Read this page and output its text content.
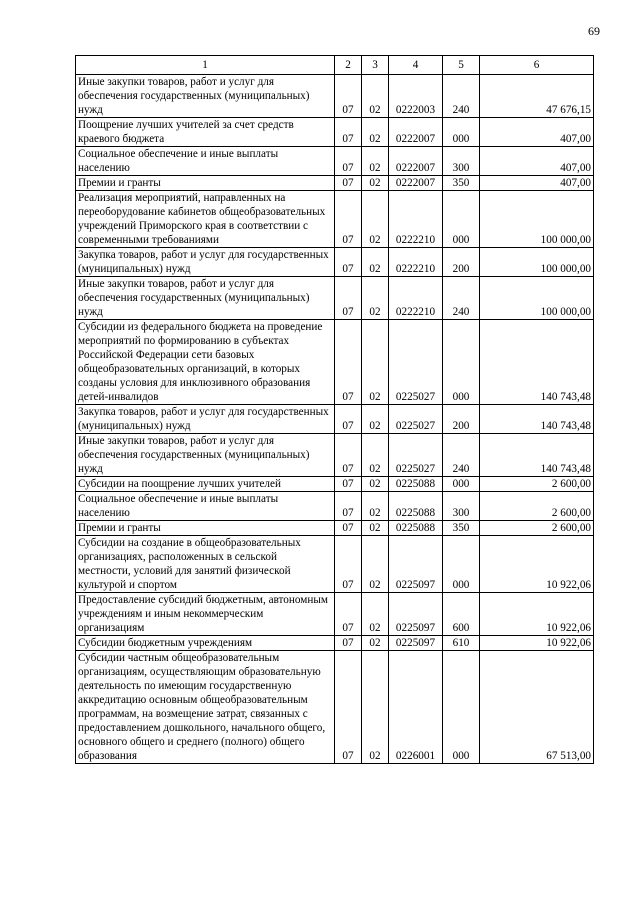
69
1	2	3	4	5	6
Иные закупки товаров, работ и услуг для обеспечения государственных (муниципальных) нужд	07	02	0222003	240	47 676,15
Поощрение лучших учителей за счет средств краевого бюджета	07	02	0222007	000	407,00
Социальное обеспечение и иные выплаты населению	07	02	0222007	300	407,00
Премии и гранты	07	02	0222007	350	407,00
Реализация мероприятий, направленных на переоборудование кабинетов общеобразовательных учреждений Приморского края в соответствии с современными требованиями	07	02	0222210	000	100 000,00
Закупка товаров, работ и услуг для государственных (муниципальных) нужд	07	02	0222210	200	100 000,00
Иные закупки товаров, работ и услуг для обеспечения государственных (муниципальных) нужд	07	02	0222210	240	100 000,00
Субсидии из федерального бюджета на проведение мероприятий по формированию в субъектах Российской Федерации сети базовых общеобразовательных организаций, в которых созданы условия для инклюзивного образования детей-инвалидов	07	02	0225027	000	140 743,48
Закупка товаров, работ и услуг для государственных (муниципальных) нужд	07	02	0225027	200	140 743,48
Иные закупки товаров, работ и услуг для обеспечения государственных (муниципальных) нужд	07	02	0225027	240	140 743,48
Субсидии на поощрение лучших учителей	07	02	0225088	000	2 600,00
Социальное обеспечение и иные выплаты населению	07	02	0225088	300	2 600,00
Премии и гранты	07	02	0225088	350	2 600,00
Субсидии на создание в общеобразовательных организациях, расположенных в сельской местности, условий для занятий физической культурой и спортом	07	02	0225097	000	10 922,06
Предоставление субсидий бюджетным, автономным учреждениям и иным некоммерческим организациям	07	02	0225097	600	10 922,06
Субсидии бюджетным учреждениям	07	02	0225097	610	10 922,06
Субсидии частным общеобразовательным организациям, осуществляющим образовательную деятельность по имеющим государственную аккредитацию основным общеобразовательным программам, на возмещение затрат, связанных с предоставлением дошкольного, начального общего, основного общего и среднего (полного) общего образования	07	02	0226001	000	67 513,00
